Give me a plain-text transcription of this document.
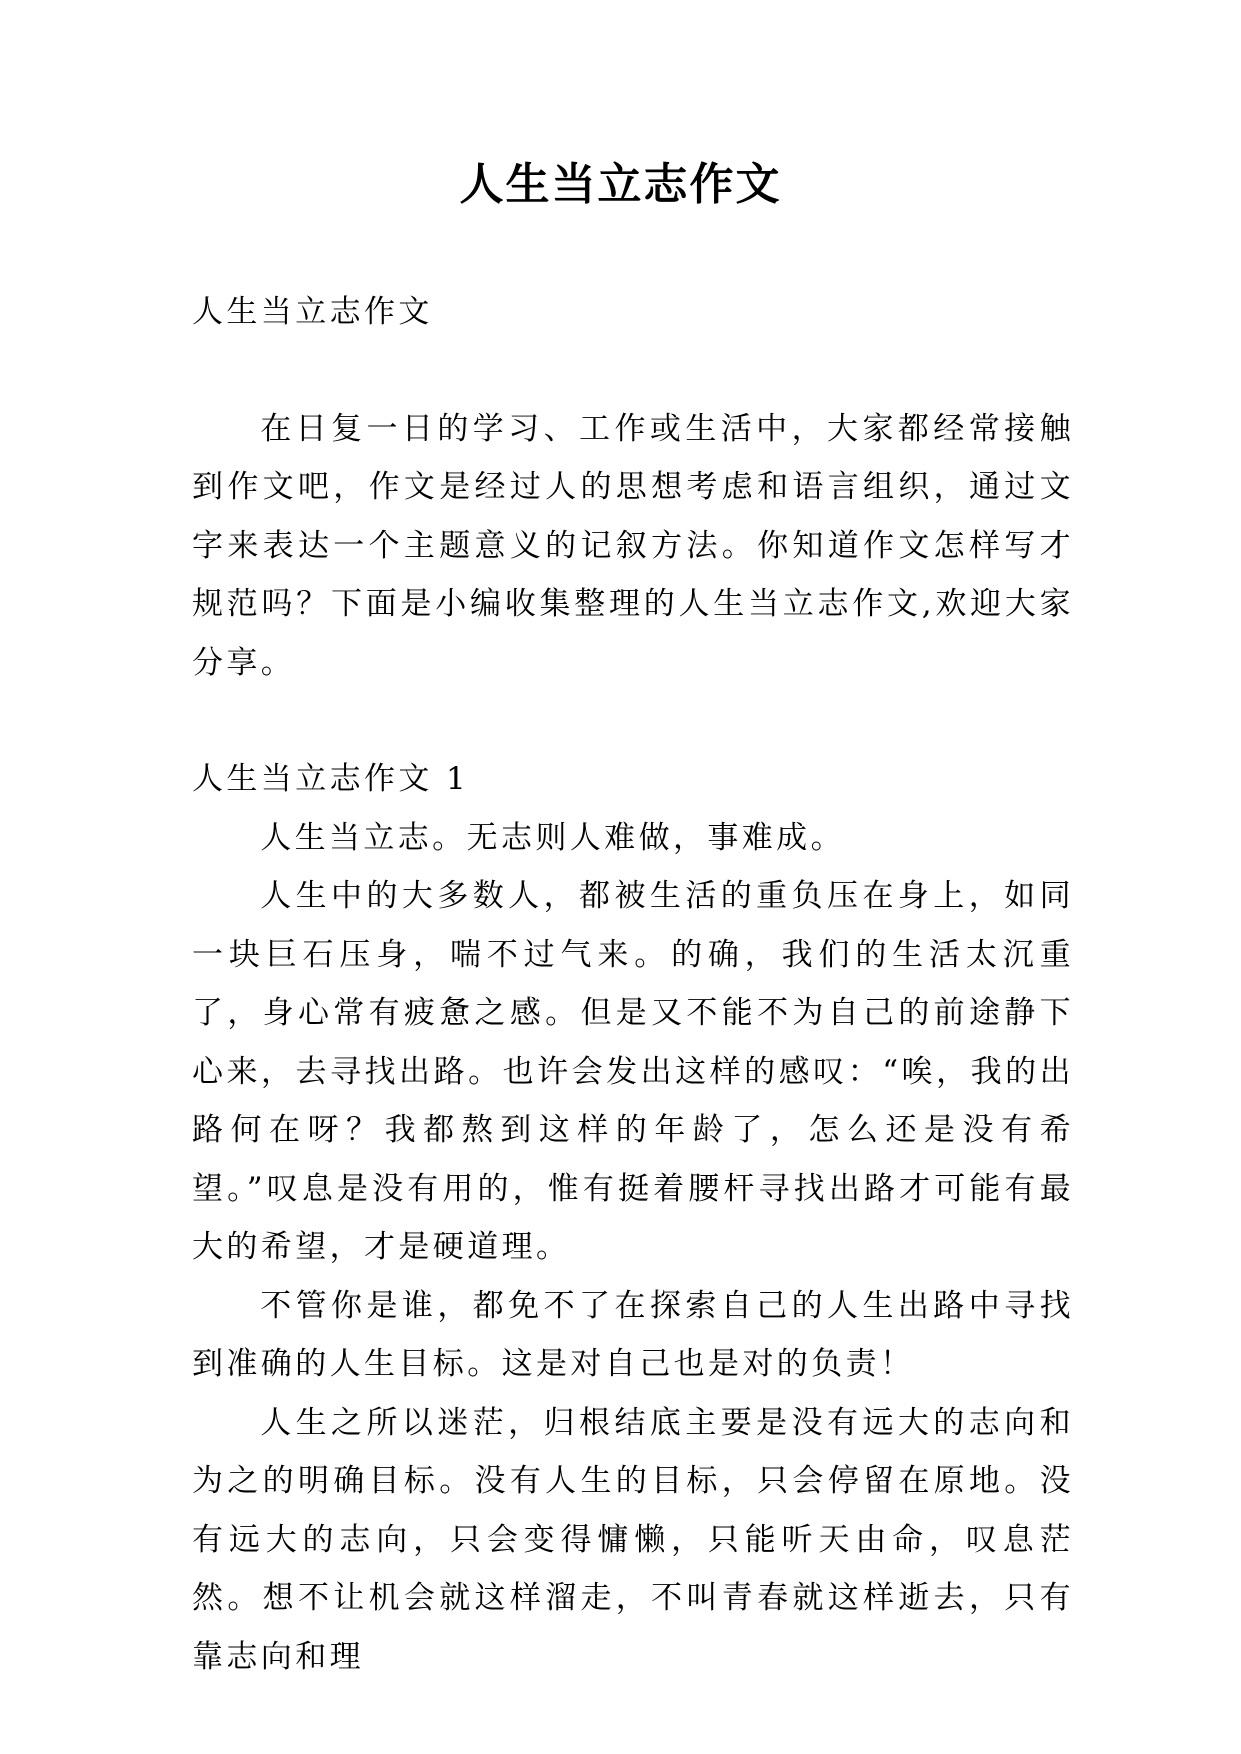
人生当立志作文

人生当立志作文

在日复一日的学习、工作或生活中，大家都经常接触到作文吧，作文是经过人的思想考虑和语言组织，通过文字来表达一个主题意义的记叙方法。你知道作文怎样写才规范吗？下面是小编收集整理的人生当立志作文,欢迎大家分享。

人生当立志作文 1

人生当立志。无志则人难做，事难成。

人生中的大多数人，都被生活的重负压在身上，如同一块巨石压身，喘不过气来。的确，我们的生活太沉重了，身心常有疲惫之感。但是又不能不为自己的前途静下心来，去寻找出路。也许会发出这样的感叹：“唉，我的出路何在呀？我都熬到这样的年龄了，怎么还是没有希望。”叹息是没有用的，惟有挺着腰杆寻找出路才可能有最大的希望，才是硬道理。

不管你是谁，都免不了在探索自己的人生出路中寻找到准确的人生目标。这是对自己也是对的负责！

人生之所以迷茫，归根结底主要是没有远大的志向和为之的明确目标。没有人生的目标，只会停留在原地。没有远大的志向，只会变得慵懒，只能听天由命，叹息茫然。想不让机会就这样溜走，不叫青春就这样逝去，只有靠志向和理
